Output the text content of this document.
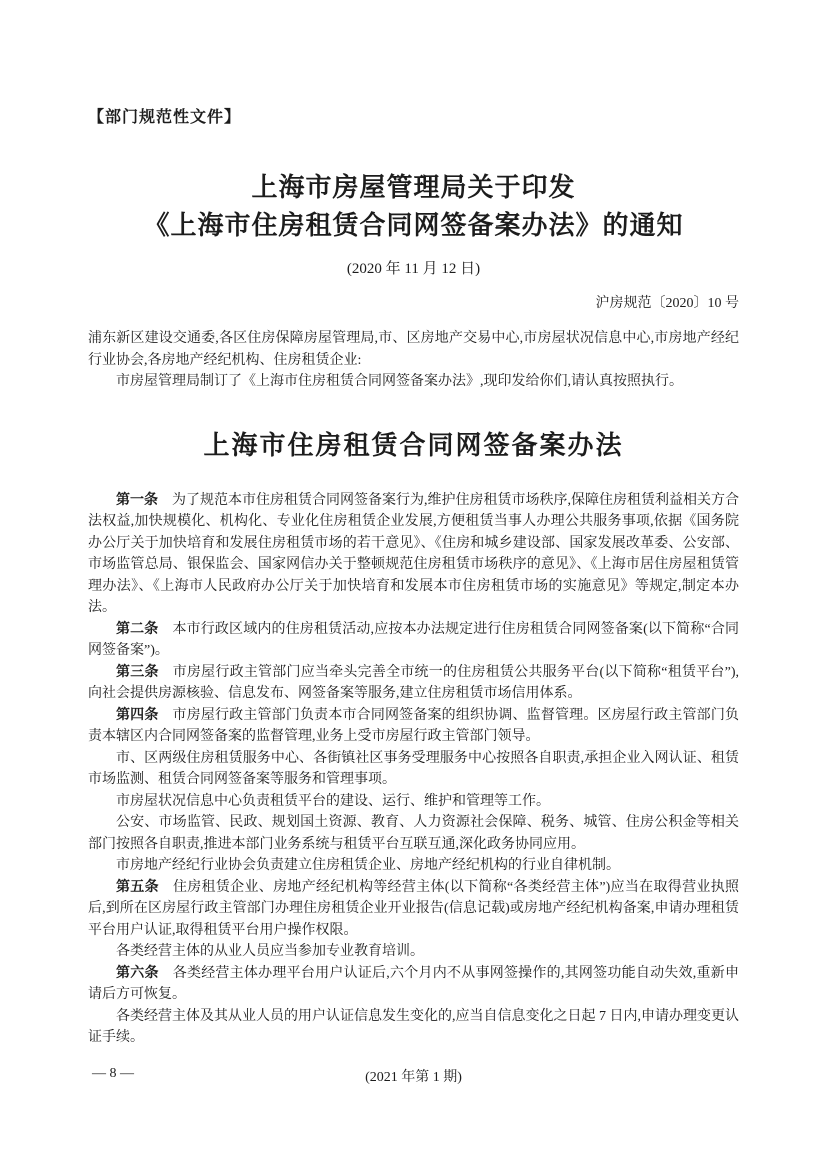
【部门规范性文件】
上海市房屋管理局关于印发
《上海市住房租赁合同网签备案办法》的通知
(2020 年 11 月 12 日)
沪房规范〔2020〕10 号

浦东新区建设交通委,各区住房保障房屋管理局,市、区房地产交易中心,市房屋状况信息中心,市房地产经纪行业协会,各房地产经纪机构、住房租赁企业:

市房屋管理局制订了《上海市住房租赁合同网签备案办法》,现印发给你们,请认真按照执行。

上海市住房租赁合同网签备案办法

第一条 为了规范本市住房租赁合同网签备案行为,维护住房租赁市场秩序,保障住房租赁利益相关方合法权益,加快规模化、机构化、专业化住房租赁企业发展,方便租赁当事人办理公共服务事项,依据《国务院办公厅关于加快培育和发展住房租赁市场的若干意见》、《住房和城乡建设部、国家发展改革委、公安部、市场监管总局、银保监会、国家网信办关于整顿规范住房租赁市场秩序的意见》、《上海市居住房屋租赁管理办法》、《上海市人民政府办公厅关于加快培育和发展本市住房租赁市场的实施意见》等规定,制定本办法。

第二条 本市行政区域内的住房租赁活动,应按本办法规定进行住房租赁合同网签备案(以下简称“合同网签备案”)。

第三条 市房屋行政主管部门应当牵头完善全市统一的住房租赁公共服务平台(以下简称“租赁平台”),向社会提供房源核验、信息发布、网签备案等服务,建立住房租赁市场信用体系。

第四条 市房屋行政主管部门负责本市合同网签备案的组织协调、监督管理。区房屋行政主管部门负责本辖区内合同网签备案的监督管理,业务上受市房屋行政主管部门领导。

市、区两级住房租赁服务中心、各街镇社区事务受理服务中心按照各自职责,承担企业入网认证、租赁市场监测、租赁合同网签备案等服务和管理事项。

市房屋状况信息中心负责租赁平台的建设、运行、维护和管理等工作。

公安、市场监管、民政、规划国土资源、教育、人力资源社会保障、税务、城管、住房公积金等相关部门按照各自职责,推进本部门业务系统与租赁平台互联互通,深化政务协同应用。

市房地产经纪行业协会负责建立住房租赁企业、房地产经纪机构的行业自律机制。

第五条 住房租赁企业、房地产经纪机构等经营主体(以下简称“各类经营主体”)应当在取得营业执照后,到所在区房屋行政主管部门办理住房租赁企业开业报告(信息记载)或房地产经纪机构备案,申请办理租赁平台用户认证,取得租赁平台用户操作权限。

各类经营主体的从业人员应当参加专业教育培训。

第六条 各类经营主体办理平台用户认证后,六个月内不从事网签操作的,其网签功能自动失效,重新申请后方可恢复。

各类经营主体及其从业人员的用户认证信息发生变化的,应当自信息变化之日起 7 日内,申请办理变更认证手续。

— 8 —	(2021 年第 1 期)
